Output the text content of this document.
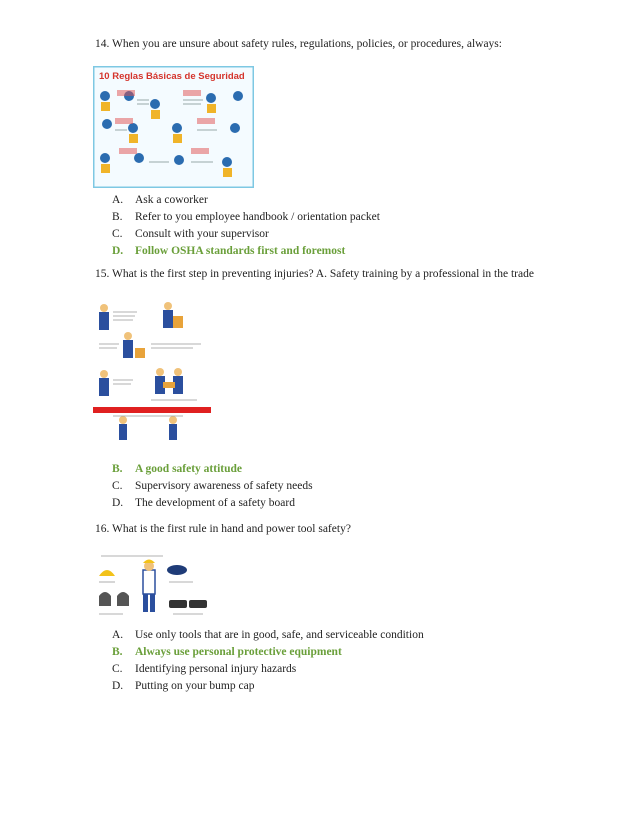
14. When you are unsure about safety rules, regulations, policies, or procedures, always:
10 Reglas Básicas de Seguridad
A.	Ask a coworker
B.	Refer to you employee handbook / orientation packet
C.	Consult with your supervisor
D.	Follow OSHA standards first and foremost
15. What is the first step in preventing injuries? A. Safety training by a professional in the trade
B.	A good safety attitude
C.	Supervisory awareness of safety needs
D.	The development of a safety board
16. What is the first rule in hand and power tool safety?
A.	Use only tools that are in good, safe, and serviceable condition
B.	Always use personal protective equipment
C.	Identifying personal injury hazards
D.	Putting on your bump cap
